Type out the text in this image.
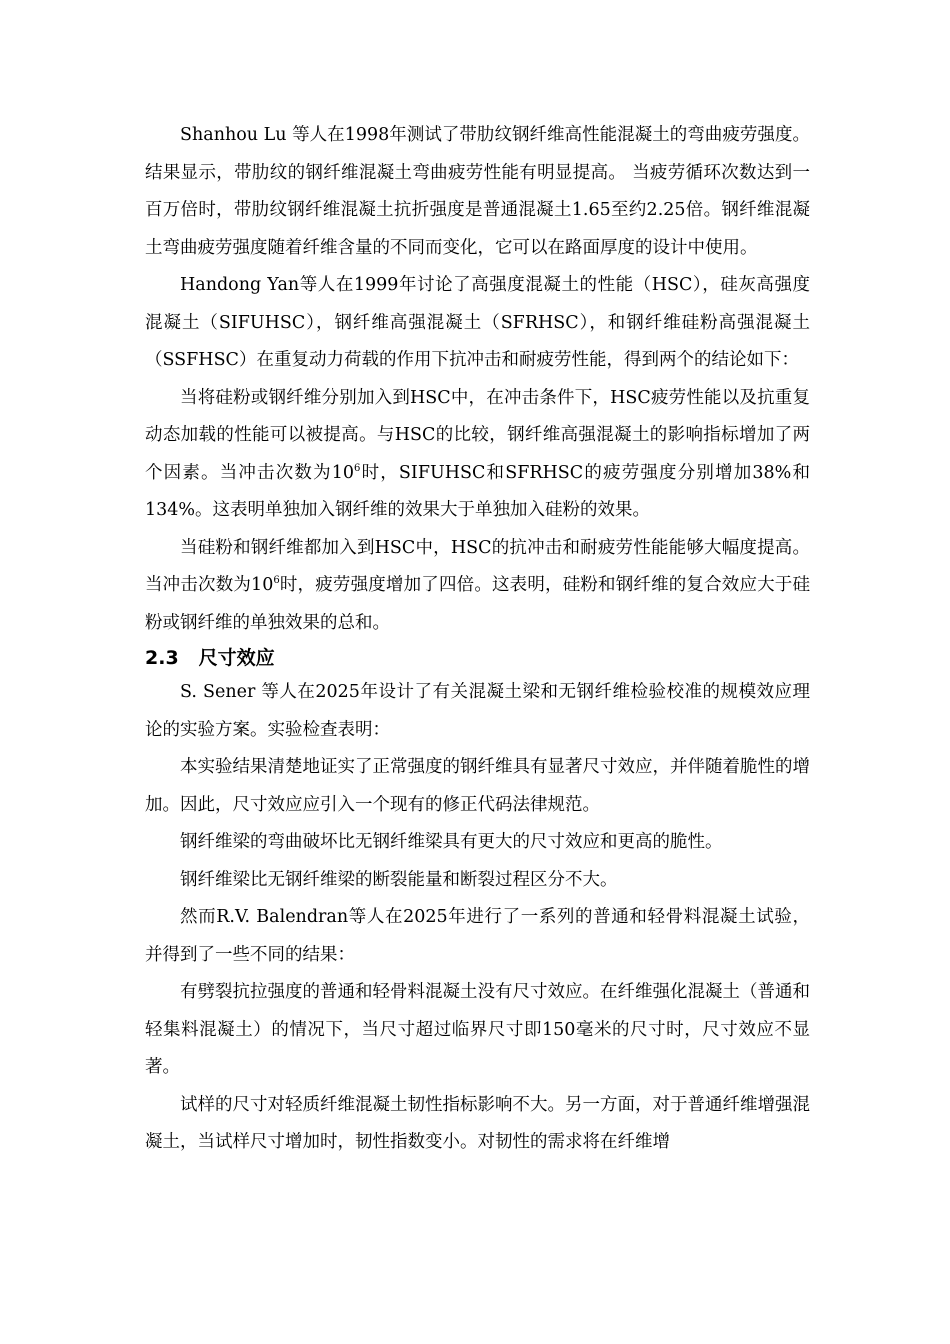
Shanhou Lu 等人在1998年测试了带肋纹钢纤维高性能混凝土的弯曲疲劳强度。 结果显示，带肋纹的钢纤维混凝土弯曲疲劳性能有明显提高。 当疲劳循环次数达到一百万倍时，带肋纹钢纤维混凝土抗折强度是普通混凝土1.65至约2.25倍。钢纤维混凝土弯曲疲劳强度随着纤维含量的不同而变化，它可以在路面厚度的设计中使用。

Handong Yan等人在1999年讨论了高强度混凝土的性能（HSC），硅灰高强度混凝土（SIFUHSC），钢纤维高强混凝土（SFRHSC），和钢纤维硅粉高强混凝土（SSFHSC）在重复动力荷载的作用下抗冲击和耐疲劳性能，得到两个的结论如下：

当将硅粉或钢纤维分别加入到HSC中，在冲击条件下，HSC疲劳性能以及抗重复动态加载的性能可以被提高。与HSC的比较，钢纤维高强混凝土的影响指标增加了两个因素。当冲击次数为$10^6$时，SIFUHSC和SFRHSC的疲劳强度分别增加38%和134%。这表明单独加入钢纤维的效果大于单独加入硅粉的效果。

当硅粉和钢纤维都加入到HSC中，HSC的抗冲击和耐疲劳性能能够大幅度提高。当冲击次数为$10^6$时，疲劳强度增加了四倍。这表明，硅粉和钢纤维的复合效应大于硅粉或钢纤维的单独效果的总和。

2.3 尺寸效应

S. Sener 等人在2025年设计了有关混凝土梁和无钢纤维检验校准的规模效应理论的实验方案。实验检查表明：

本实验结果清楚地证实了正常强度的钢纤维具有显著尺寸效应，并伴随着脆性的增加。因此，尺寸效应应引入一个现有的修正代码法律规范。

钢纤维梁的弯曲破坏比无钢纤维梁具有更大的尺寸效应和更高的脆性。

钢纤维梁比无钢纤维梁的断裂能量和断裂过程区分不大。

然而R.V. Balendran等人在2025年进行了一系列的普通和轻骨料混凝土试验，并得到了一些不同的结果：

有劈裂抗拉强度的普通和轻骨料混凝土没有尺寸效应。在纤维强化混凝土（普通和轻集料混凝土）的情况下，当尺寸超过临界尺寸即150毫米的尺寸时，尺寸效应不显著。

试样的尺寸对轻质纤维混凝土韧性指标影响不大。另一方面，对于普通纤维增强混凝土，当试样尺寸增加时，韧性指数变小。对韧性的需求将在纤维增
